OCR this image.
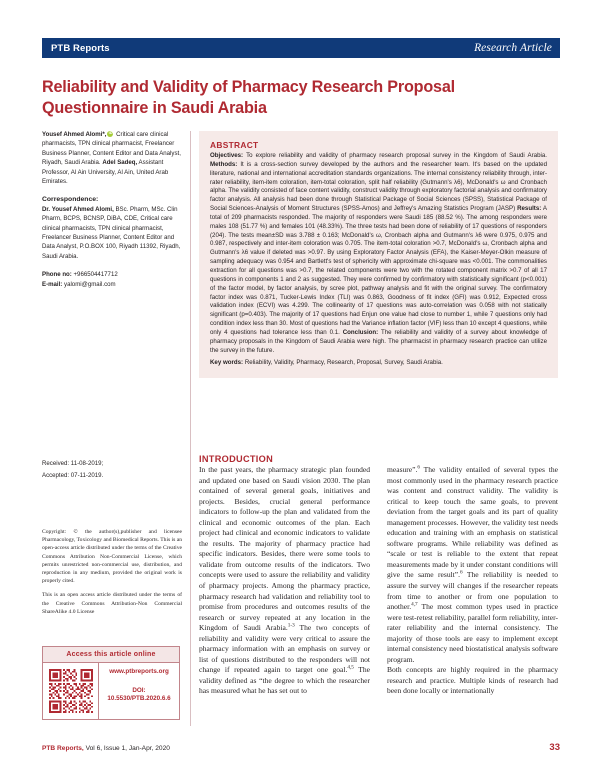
PTB Reports	Research Article
Reliability and Validity of Pharmacy Research Proposal Questionnaire in Saudi Arabia
Yousef Ahmed Alomi*,iD Critical care clinical pharmacists, TPN clinical pharmacist, Freelancer Business Planner, Content Editor and Data Analyst, Riyadh, Saudi Arabia. Adel Sadeq, Assistant Professor, Al Ain University, Al Ain, United Arab Emirates.
Correspondence:
Dr. Yousef Ahmed Alomi, BSc. Pharm, MSc. Clin Pharm, BCPS, BCNSP, DiBA, CDE, Critical care clinical pharmacists, TPN clinical pharmacist, Freelancer Business Planner, Content Editor and Data Analyst, P.O.BOX 100, Riyadh 11392, Riyadh, Saudi Arabia.
Phone no: +966504417712
E-mail: yalomi@gmail.com
Received: 11-08-2019;
Accepted: 07-11-2019.

Copyright: © the author(s),publisher and licensee Pharmacology, Toxicology and Biomedical Reports. This is an open-access article distributed under the terms of the Creative Commons Attribution Non-Commercial License, which permits unrestricted non-commercial use, distribution, and reproduction in any medium, provided the original work is properly cited.

This is an open access article distributed under the terms of the Creative Commons Attribution-Non Commercial ShareAlike 4.0 License

Access this article online
www.ptbreports.org
DOI:
10.5530/PTB.2020.6.6
ABSTRACT

Objectives: To explore reliability and validity of pharmacy research proposal survey in the Kingdom of Saudi Arabia. Methods: It is a cross-section survey developed by the authors and the researcher team. It's based on the updated literature, national and international accreditation standards organizations. The internal consistency reliability through, inter-rater reliability, item-item coloration, item-total coloration, split half reliability (Gutmann's λ6), McDonald's ω and Cronbach alpha. The validity consisted of face content validity, construct validity through exploratory factorial analysis and confirmatory factor analysis. All analysis had been done through Statistical Package of Social Sciences (SPSS), Statistical Package of Social Sciences-Analysis of Moment Structures (SPSS-Amos) and Jeffrey's Amazing Statistics Program (JASP) Results: A total of 209 pharmacists responded. The majority of responders were Saudi 185 (88.52 %). The among responders were males 108 (51.77 %) and females 101 (48.33%). The three tests had been done of reliability of 17 questions of responders (204). The tests mean±SD was 3.788 ± 0.163; McDonald's ω, Cronbach alpha and Gutmann's λ6 were 0.975, 0.975 and 0.987, respectively and inter-item coloration was 0.705. The item-total coloration >0.7, McDonald's ω, Cronbach alpha and Gutmann's λ6 value if deleted was >0.97. By using Exploratory Factor Analysis (EFA), the Kaiser-Meyer-Olkin measure of sampling adequacy was 0.954 and Bartlett's test of sphericity with approximate chi-square was <0.001. The commonalities extraction for all questions was >0.7, the related components were two with the rotated component matrix >0.7 of all 17 questions in components 1 and 2 as suggested. They were confirmed by confirmatory with statistically significant (p<0.001) of the factor model, by factor analysis, by scree plot, pathway analysis and fit with the original survey. The confirmatory factor index was 0.871, Tucker-Lewis Index (TLI) was 0.863, Goodness of fit index (GFI) was 0.912, Expected cross validation index (ECVI) was 4.299. The collinearity of 17 questions was auto-correlation was 0.058 with not statically significant (p=0.403). The majority of 17 questions had Enjun one value had close to number 1, while 7 questions only had condition index less than 30. Most of questions had the Variance inflation factor (VIF) less than 10 except 4 questions, while only 4 questions had tolerance less than 0.1. Conclusion: The reliability and validity of a survey about knowledge of pharmacy proposals in the Kingdom of Saudi Arabia were high. The pharmacist in pharmacy research practice can utilize the survey in the future.

Key words: Reliability, Validity, Pharmacy, Research, Proposal, Survey, Saudi Arabia.

INTRODUCTION

In the past years, the pharmacy strategic plan founded and updated one based on Saudi vision 2030. The plan contained of several general goals, initiatives and projects. Besides, crucial general performance indicators to follow-up the plan and validated from the clinical and economic outcomes of the plan. Each project had clinical and economic indicators to validate the results. The majority of pharmacy practice had specific indicators. Besides, there were some tools to validate from outcome results of the indicators. Two concepts were used to assure the reliability and validity of pharmacy projects. Among the pharmacy practice, pharmacy research had validation and reliability tool to promise from procedures and outcomes results of the research or survey repeated at any location in the Kingdom of Saudi Arabia.$^{1-3}$ The two concepts of reliability and validity were very critical to assure the pharmacy information with an emphasis on survey or list of questions distributed to the responders will not change if repeated again to target one goal.$^{4,5}$ The validity defined as “the degree to which the researcher has measured what he has set out to

measure”.$^6$ The validity entailed of several types the most commonly used in the pharmacy research practice was content and construct validity. The validity is critical to keep touch the same goals, to prevent deviation from the target goals and its part of quality management processes. However, the validity test needs education and training with an emphasis on statistical software programs. While reliability was defined as “scale or test is reliable to the extent that repeat measurements made by it under constant conditions will give the same result”.$^6$ The reliability is needed to assure the survey will changes if the researcher repeats from time to another or from one population to another.$^{4,7}$ The most common types used in practice were test-retest reliability, parallel form reliability, inter-rater reliability and the internal consistency. The majority of those tools are easy to implement except internal consistency need biostatistical analysis software program.

Both concepts are highly required in the pharmacy research and practice. Multiple kinds of research had been done locally or internationally

PTB Reports, Vol 6, Issue 1, Jan-Apr, 2020	33
